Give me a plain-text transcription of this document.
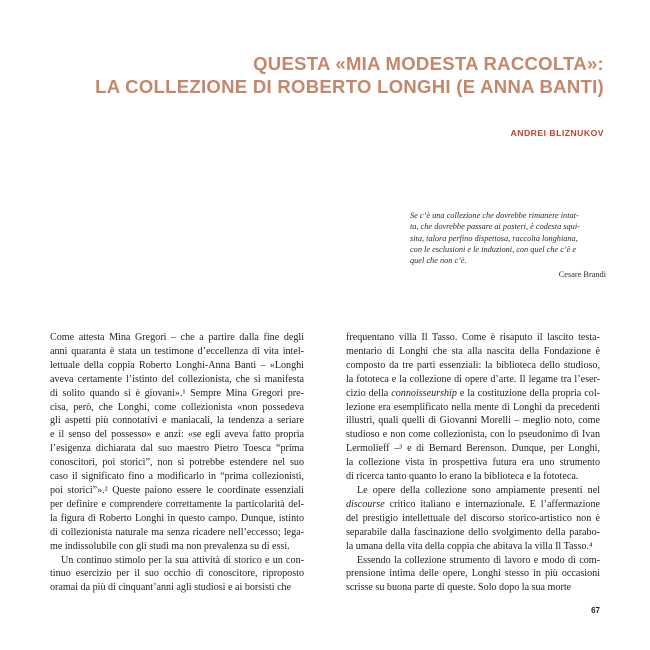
QUESTA «MIA MODESTA RACCOLTA»:
LA COLLEZIONE DI ROBERTO LONGHI (E ANNA BANTI)
ANDREI BLIZNUKOV
Se c’è una collezione che dovrebbe rimanere intat-
ta, che dovrebbe passare ai posteri, è codesta squi-
sita, talora perfino dispettosa, raccolta longhiana,
con le esclusioni e le induzioni, con quel che c’è e
quel che non c’è.
Cesare Brandi
Come attesta Mina Gregori – che a partire dalla fine degli
anni quaranta è stata un testimone d’eccellenza di vita intel-
lettuale della coppia Roberto Longhi-Anna Banti – «Longhi
aveva certamente l’istinto del collezionista, che si manifesta
di solito quando si è giovani».¹ Sempre Mina Gregori pre-
cisa, però, che Longhi, come collezionista «non possedeva
gli aspetti più connotativi e maniacali, la tendenza a seriare
e il senso del possesso» e anzi: «se egli aveva fatto propria
l’esigenza dichiarata dal suo maestro Pietro Toesca “prima
conoscitori, poi storici”, non si potrebbe estendere nel suo
caso il significato fino a modificarlo in “prima collezionisti,
poi storici”».² Queste paiono essere le coordinate essenziali
per definire e comprendere correttamente la particolarità del-
la figura di Roberto Longhi in questo campo. Dunque, istinto
di collezionista naturale ma senza ricadere nell’eccesso; lega-
me indissolubile con gli studi ma non prevalenza su di essi.
Un continuo stimolo per la sua attività di storico e un con-
tinuo esercizio per il suo occhio di conoscitore, riproposto
oramai da più di cinquant’anni agli studiosi e ai borsisti che
frequentano villa Il Tasso. Come è risaputo il lascito testa-
mentario di Longhi che sta alla nascita della Fondazione è
composto da tre parti essenziali: la biblioteca dello studioso,
la fototeca e la collezione di opere d’arte. Il legame tra l’eser-
cizio della connoisseurship e la costituzione della propria col-
lezione era esemplificato nella mente di Longhi da precedenti
illustri, quali quelli di Giovanni Morelli – meglio noto, come
studioso e non come collezionista, con lo pseudonimo di Ivan
Lermolieff –³ e di Bernard Berenson. Dunque, per Longhi,
la collezione vista in prospettiva futura era uno strumento
di ricerca tanto quanto lo erano la biblioteca e la fototeca.
Le opere della collezione sono ampiamente presenti nel
discourse critico italiano e internazionale. E l’affermazione
del prestigio intellettuale del discorso storico-artistico non è
separabile dalla fascinazione dello svolgimento della parabo-
la umana della vita della coppia che abitava la villa Il Tasso.⁴
Essendo la collezione strumento di lavoro e modo di com-
prensione intima delle opere, Longhi stesso in più occasioni
scrisse su buona parte di queste. Solo dopo la sua morte
67
